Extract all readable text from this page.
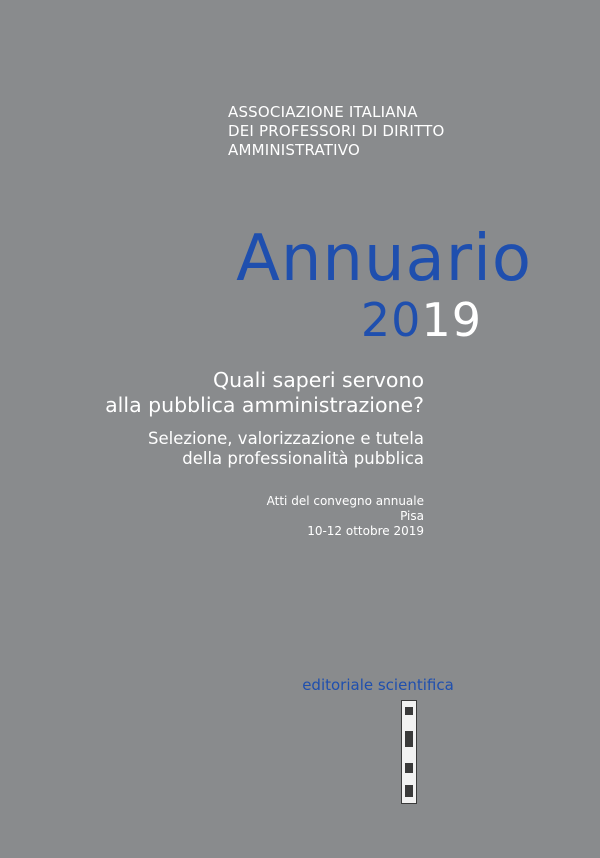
ASSOCIAZIONE ITALIANA
DEI PROFESSORI DI DIRITTO
AMMINISTRATIVO
Annuario
2019
Quali saperi servono
alla pubblica amministrazione?
Selezione, valorizzazione e tutela
della professionalità pubblica
Atti del convegno annuale
Pisa
10-12 ottobre 2019
editoriale scientifica
